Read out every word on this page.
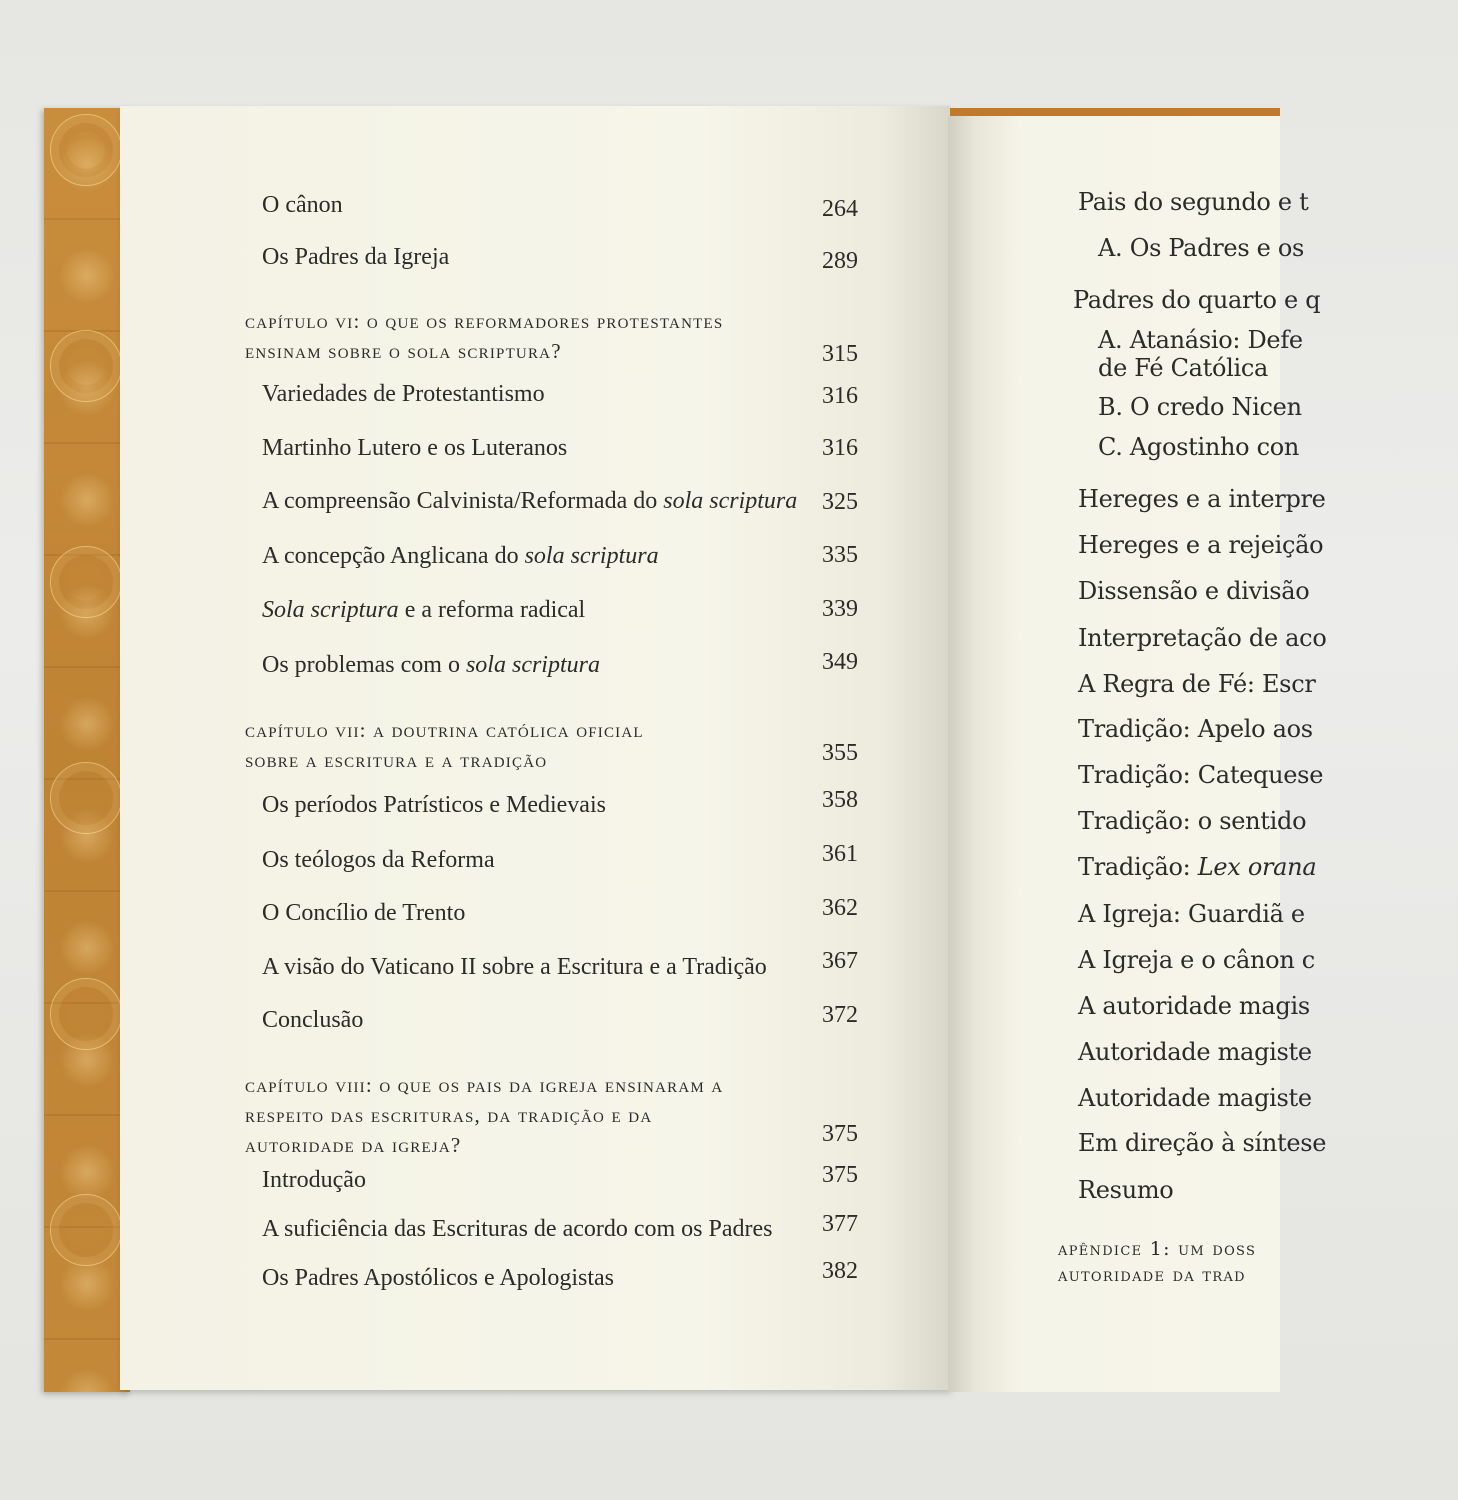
O cânon	264
Os Padres da Igreja	289
capítulo vi: o que os reformadores protestantes
ensinam sobre o sola scriptura?	315
Variedades de Protestantismo	316
Martinho Lutero e os Luteranos	316
A compreensão Calvinista/Reformada do sola scriptura 325
A concepção Anglicana do sola scriptura	335
Sola scriptura e a reforma radical	339
Os problemas com o sola scriptura	349
capítulo vii: a doutrina católica oficial
sobre a escritura e a tradição	355
Os períodos Patrísticos e Medievais	358
Os teólogos da Reforma	361
O Concílio de Trento	362
A visão do Vaticano II sobre a Escritura e a Tradição 367
Conclusão	372
capítulo viii: o que os pais da igreja ensinaram a
respeito das escrituras, da tradição e da
autoridade da igreja?	375
Introdução	375
A suficiência das Escrituras de acordo com os Padres 377
Os Padres Apostólicos e Apologistas	382
Pais do segundo e t
A. Os Padres e os
Padres do quarto e q
A. Atanásio: Defe
de Fé Católica
B. O credo Nicen
C. Agostinho con
Hereges e a interpre
Hereges e a rejeição
Dissensão e divisão
Interpretação de aco
A Regra de Fé: Escr
Tradição: Apelo aos
Tradição: Catequese
Tradição: o sentido
Tradição: Lex orana
A Igreja: Guardiã e
A Igreja e o cânon c
A autoridade magis
Autoridade magiste
Autoridade magiste
Em direção à síntese
Resumo
apêndice 1: um doss
autoridade da trad
